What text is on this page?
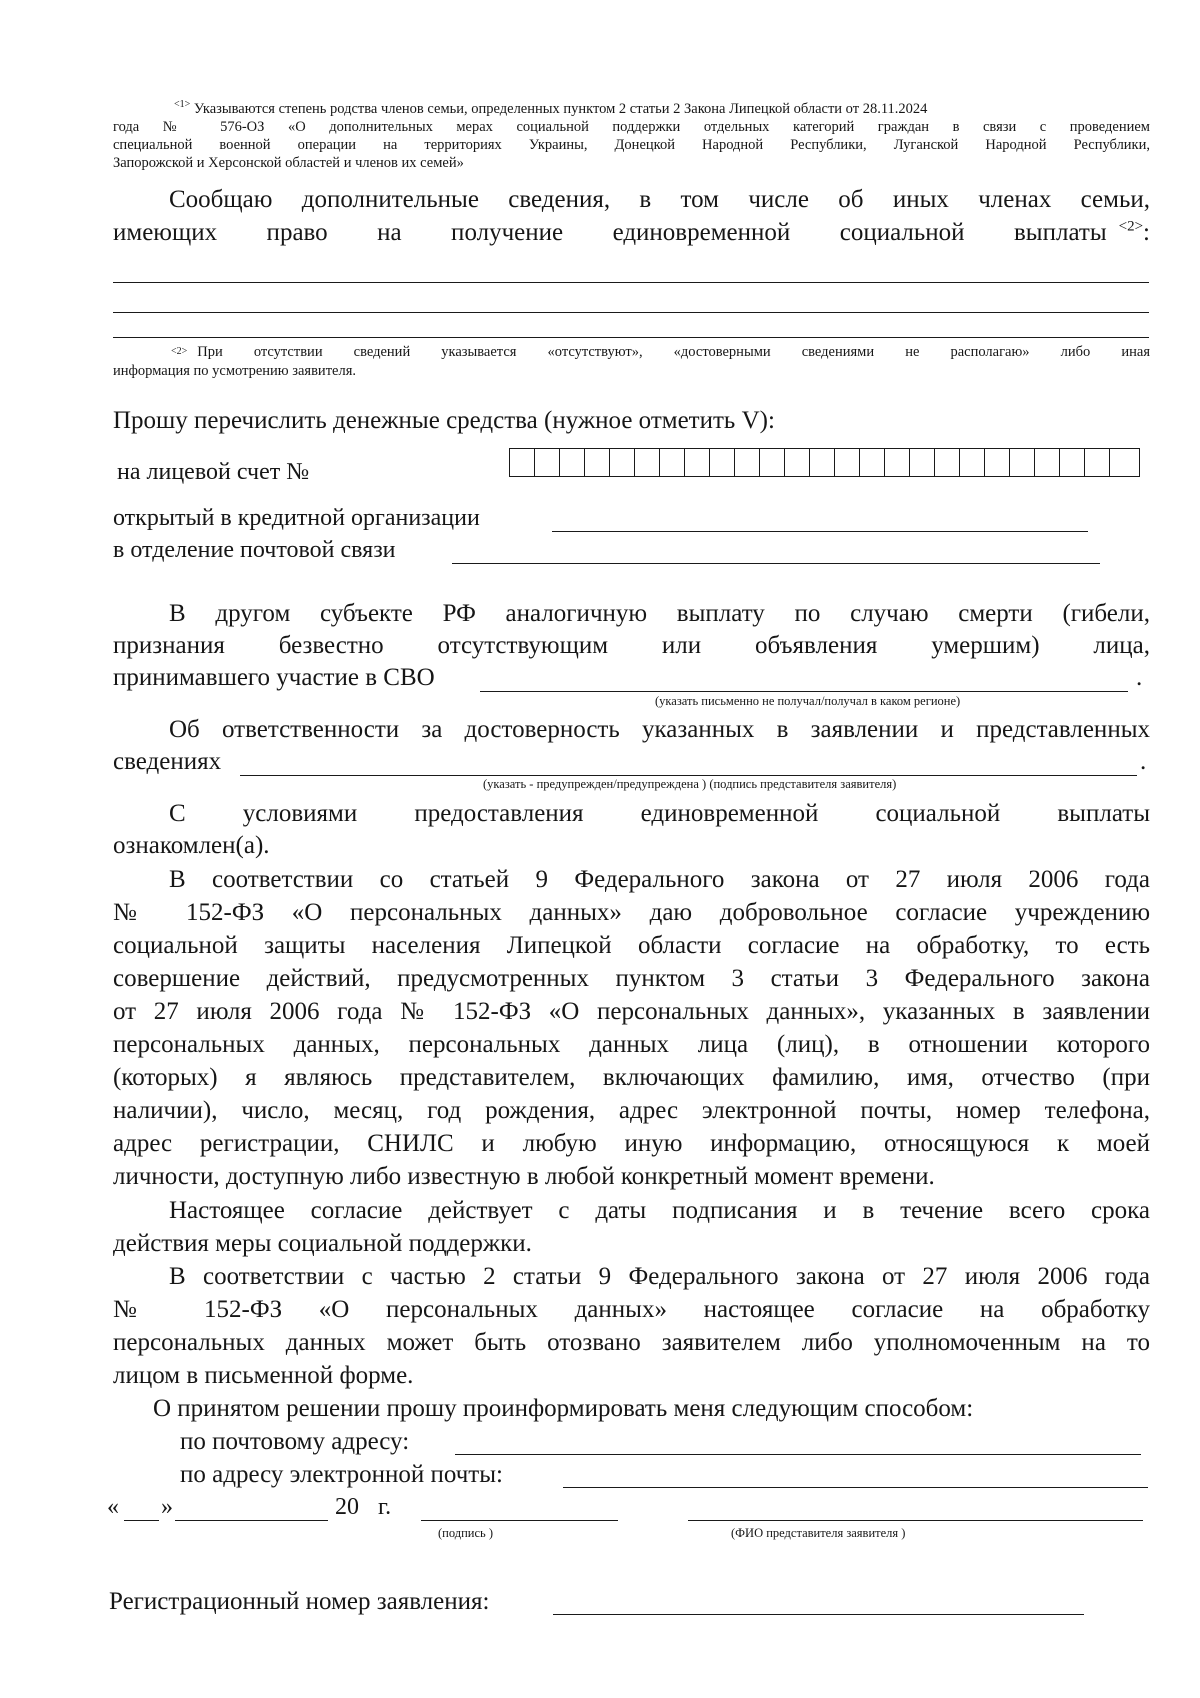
$^{<1>}$ Указываются степень родства членов семьи, определенных пунктом 2 статьи 2 Закона Липецкой области от 28.11.2024
года № 576-ОЗ «О дополнительных мерах социальной поддержки отдельных категорий граждан в связи с проведением
специальной военной операции на территориях Украины, Донецкой Народной Республики, Луганской Народной Республики,
Запорожской и Херсонской областей и членов их семей»
Сообщаю дополнительные сведения, в том числе об иных членах семьи,
имеющих право на получение единовременной социальной выплаты $^{<2>}$:
<2> При отсутствии сведений указывается «отсутствуют», «достоверными сведениями не располагаю» либо иная
информация по усмотрению заявителя.
Прошу перечислить денежные средства (нужное отметить V):
на лицевой счет №
открытый в кредитной организации
в отделение почтовой связи
В другом субъекте РФ аналогичную выплату по случаю смерти (гибели,
признания безвестно отсутствующим или объявления умершим) лица,
принимавшего участие в СВО	.
(указать письменно не получал/получал в каком регионе)
Об ответственности за достоверность указанных в заявлении и представленных
сведениях	.
(указать - предупрежден/предупреждена ) (подпись представителя заявителя)
С условиями предоставления единовременной социальной выплаты
ознакомлен(а).
В соответствии со статьей 9 Федерального закона от 27 июля 2006 года
№ 152-ФЗ «О персональных данных» даю добровольное согласие учреждению
социальной защиты населения Липецкой области согласие на обработку, то есть
совершение действий, предусмотренных пунктом 3 статьи 3 Федерального закона
от 27 июля 2006 года № 152-ФЗ «О персональных данных», указанных в заявлении
персональных данных, персональных данных лица (лиц), в отношении которого
(которых) я являюсь представителем, включающих фамилию, имя, отчество (при
наличии), число, месяц, год рождения, адрес электронной почты, номер телефона,
адрес регистрации, СНИЛС и любую иную информацию, относящуюся к моей
личности, доступную либо известную в любой конкретный момент времени.
Настоящее согласие действует с даты подписания и в течение всего срока
действия меры социальной поддержки.
В соответствии с частью 2 статьи 9 Федерального закона от 27 июля 2006 года
№ 152-ФЗ «О персональных данных» настоящее согласие на обработку
персональных данных может быть отозвано заявителем либо уполномоченным на то
лицом в письменной форме.
О принятом решении прошу проинформировать меня следующим способом:
по почтовому адресу:
по адресу электронной почты:
« »	20 г.
(подпись )	(ФИО представителя заявителя )
Регистрационный номер заявления:
